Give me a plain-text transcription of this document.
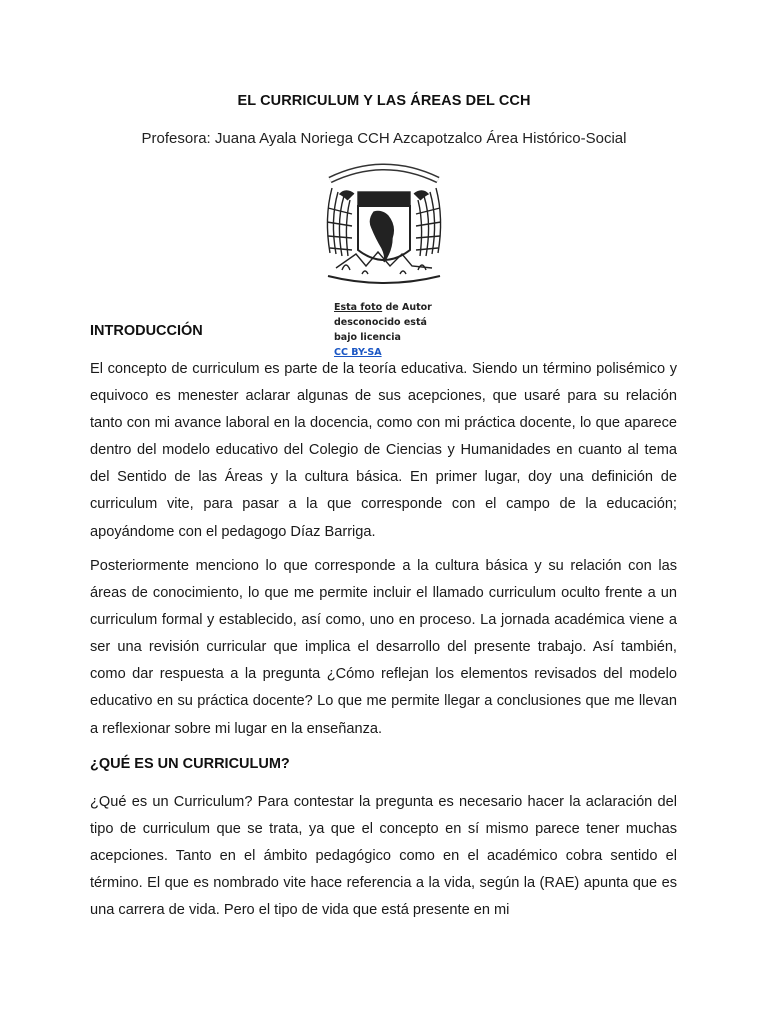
EL CURRICULUM Y LAS ÁREAS DEL CCH
Profesora: Juana Ayala Noriega CCH Azcapotzalco Área Histórico-Social
Esta foto de Autor
desconocido está
bajo licencia
CC BY-SA
INTRODUCCIÓN
El concepto de curriculum es parte de la teoría educativa. Siendo un término polisémico y equivoco es menester aclarar algunas de sus acepciones, que usaré para su relación tanto con mi avance laboral en la docencia, como con mi práctica docente, lo que aparece dentro del modelo educativo del Colegio de Ciencias y Humanidades en cuanto al tema del Sentido de las Áreas y la cultura básica. En primer lugar, doy una definición de curriculum vite, para pasar a la que corresponde con el campo de la educación; apoyándome con el pedagogo Díaz Barriga.
Posteriormente menciono lo que corresponde a la cultura básica y su relación con las áreas de conocimiento, lo que me permite incluir el llamado curriculum oculto frente a un curriculum formal y establecido, así como, uno en proceso. La jornada académica viene a ser una revisión curricular que implica el desarrollo del presente trabajo. Así también, como dar respuesta a la pregunta ¿Cómo reflejan los elementos revisados del modelo educativo en su práctica docente? Lo que me permite llegar a conclusiones que me llevan a reflexionar sobre mi lugar en la enseñanza.
¿QUÉ ES UN CURRICULUM?
¿Qué es un Curriculum? Para contestar la pregunta es necesario hacer la aclaración del tipo de curriculum que se trata, ya que el concepto en sí mismo parece tener muchas acepciones. Tanto en el ámbito pedagógico como en el académico cobra sentido el término. El que es nombrado vite hace referencia a la vida, según la (RAE) apunta que es una carrera de vida. Pero el tipo de vida que está presente en mi
